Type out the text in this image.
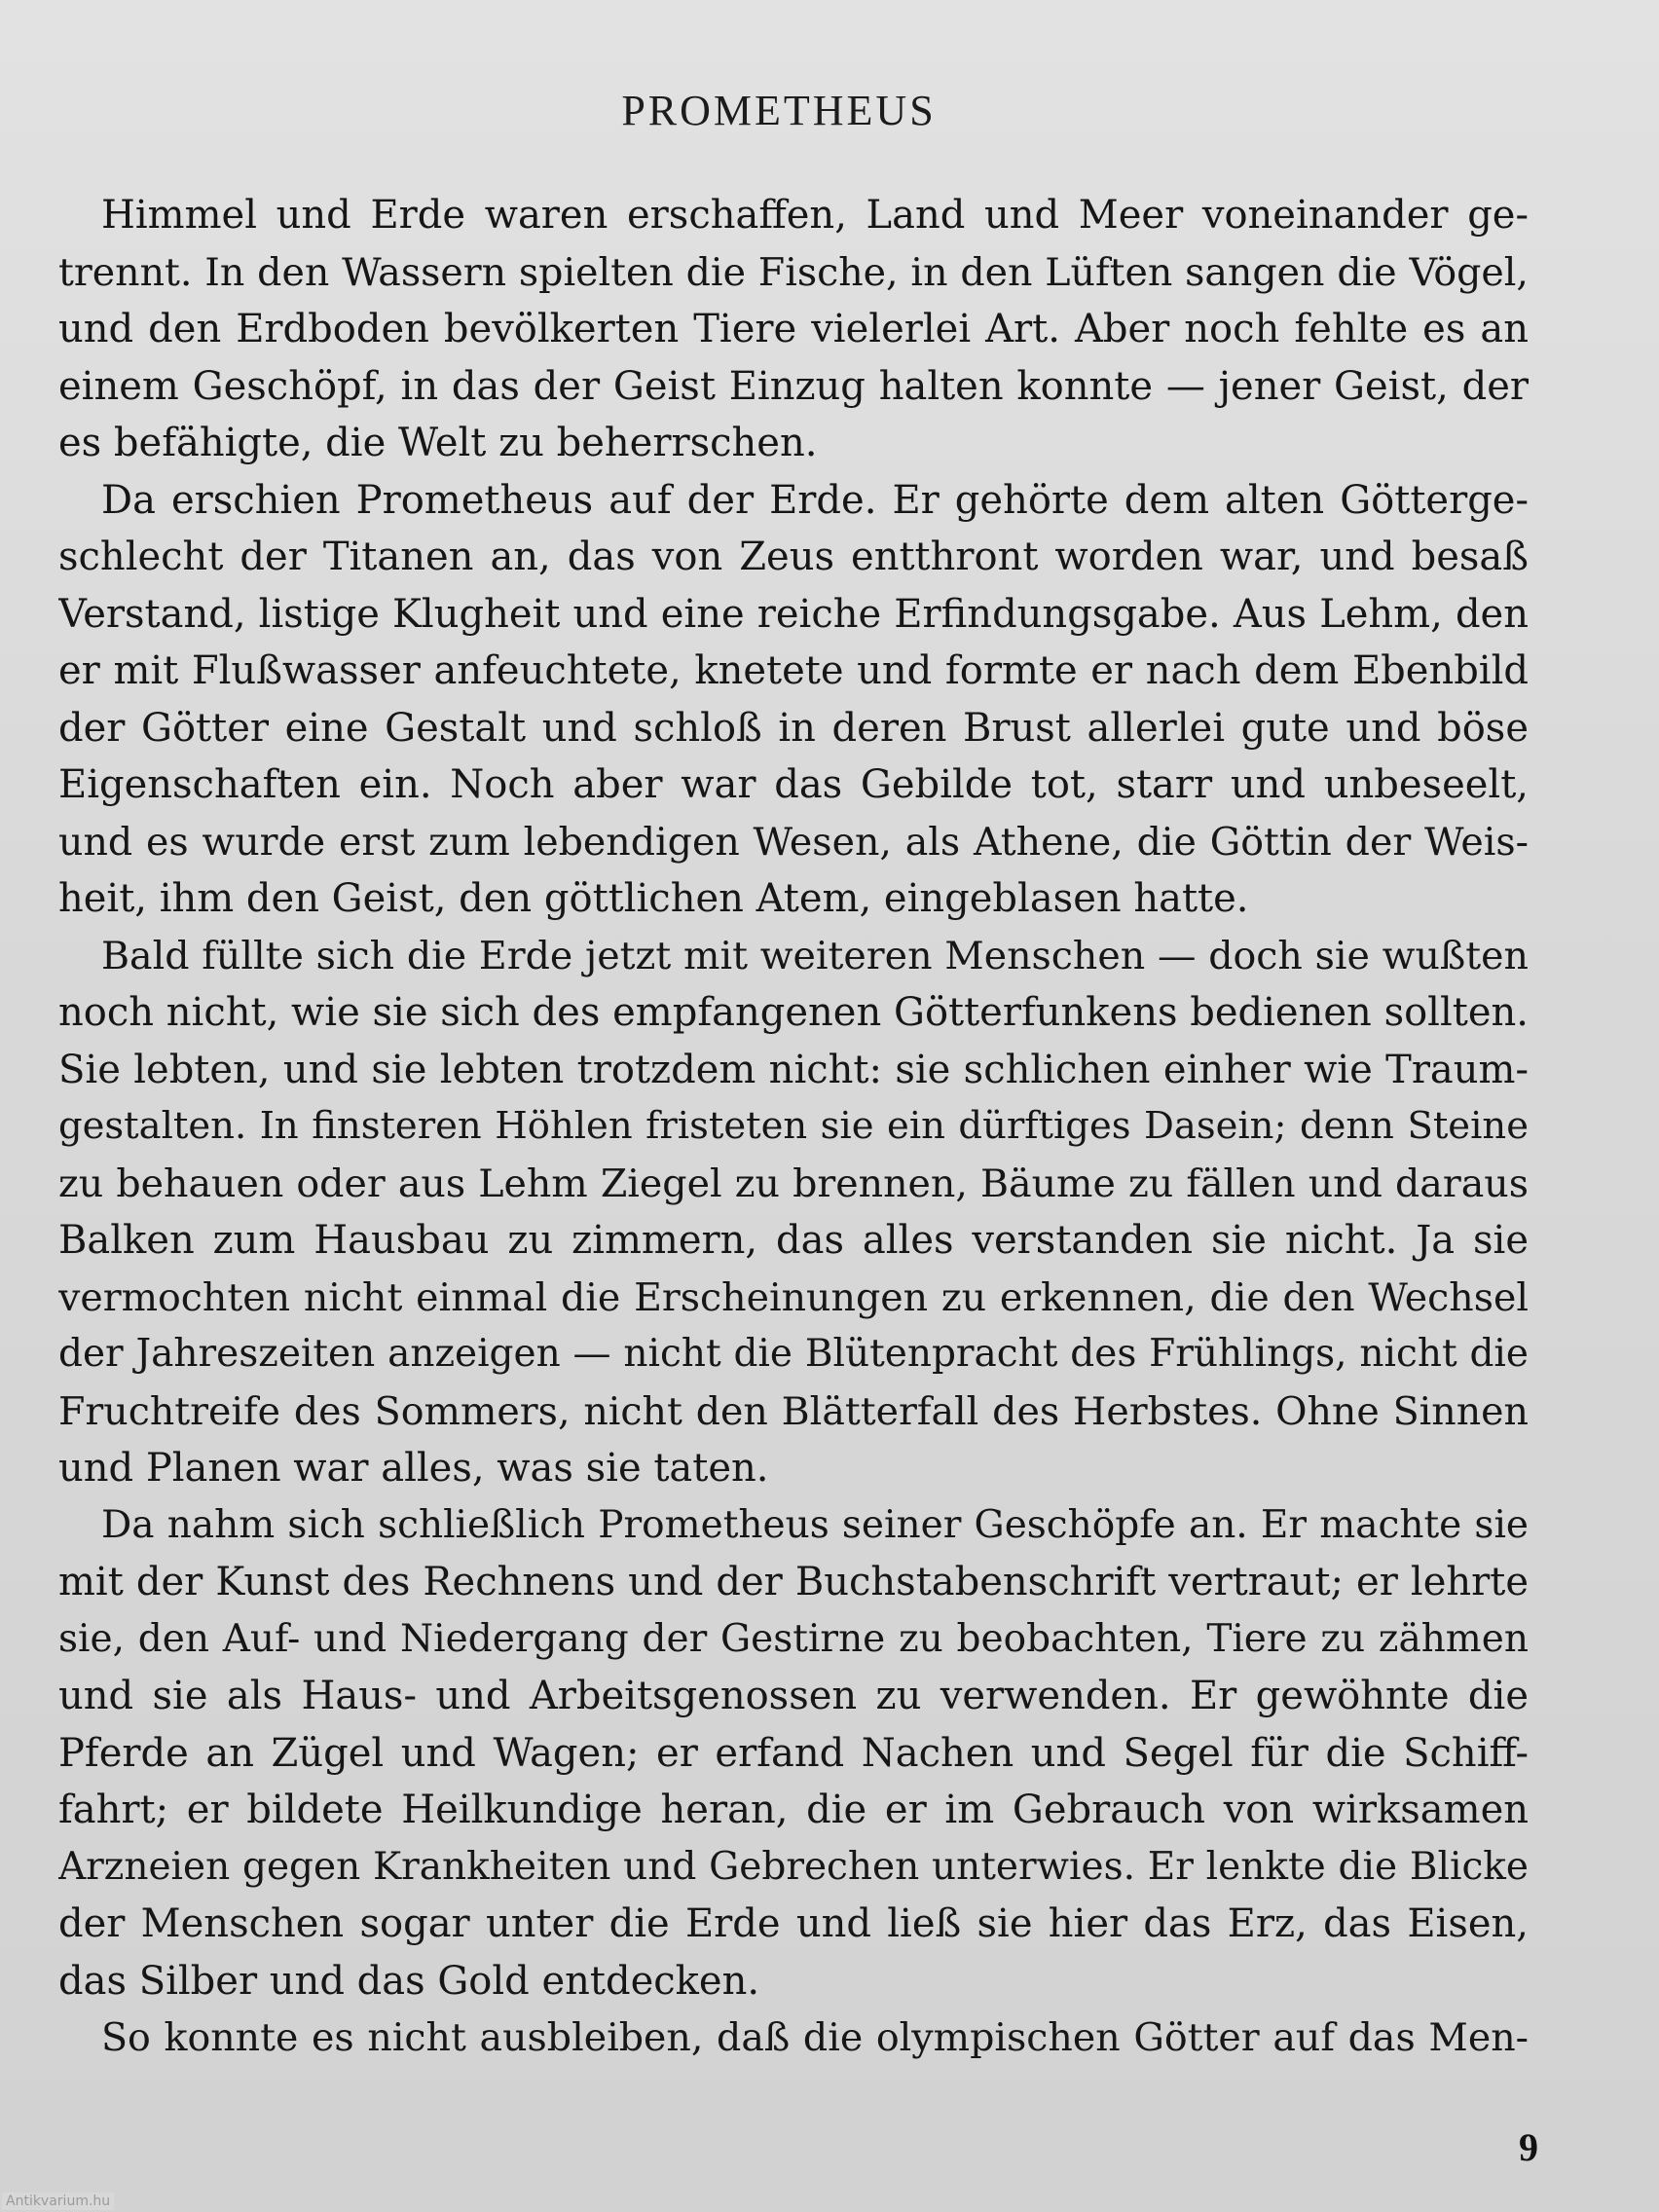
PROMETHEUS
Himmel und Erde waren erschaffen, Land und Meer voneinander ge-
trennt. In den Wassern spielten die Fische, in den Lüften sangen die Vögel,
und den Erdboden bevölkerten Tiere vielerlei Art. Aber noch fehlte es an
einem Geschöpf, in das der Geist Einzug halten konnte — jener Geist, der
es befähigte, die Welt zu beherrschen.
Da erschien Prometheus auf der Erde. Er gehörte dem alten Götterge-
schlecht der Titanen an, das von Zeus entthront worden war, und besaß
Verstand, listige Klugheit und eine reiche Erfindungsgabe. Aus Lehm, den
er mit Flußwasser anfeuchtete, knetete und formte er nach dem Ebenbild
der Götter eine Gestalt und schloß in deren Brust allerlei gute und böse
Eigenschaften ein. Noch aber war das Gebilde tot, starr und unbeseelt,
und es wurde erst zum lebendigen Wesen, als Athene, die Göttin der Weis-
heit, ihm den Geist, den göttlichen Atem, eingeblasen hatte.
Bald füllte sich die Erde jetzt mit weiteren Menschen — doch sie wußten
noch nicht, wie sie sich des empfangenen Götterfunkens bedienen sollten.
Sie lebten, und sie lebten trotzdem nicht: sie schlichen einher wie Traum-
gestalten. In finsteren Höhlen fristeten sie ein dürftiges Dasein; denn Steine
zu behauen oder aus Lehm Ziegel zu brennen, Bäume zu fällen und daraus
Balken zum Hausbau zu zimmern, das alles verstanden sie nicht. Ja sie
vermochten nicht einmal die Erscheinungen zu erkennen, die den Wechsel
der Jahreszeiten anzeigen — nicht die Blütenpracht des Frühlings, nicht die
Fruchtreife des Sommers, nicht den Blätterfall des Herbstes. Ohne Sinnen
und Planen war alles, was sie taten.
Da nahm sich schließlich Prometheus seiner Geschöpfe an. Er machte sie
mit der Kunst des Rechnens und der Buchstabenschrift vertraut; er lehrte
sie, den Auf- und Niedergang der Gestirne zu beobachten, Tiere zu zähmen
und sie als Haus- und Arbeitsgenossen zu verwenden. Er gewöhnte die
Pferde an Zügel und Wagen; er erfand Nachen und Segel für die Schiff-
fahrt; er bildete Heilkundige heran, die er im Gebrauch von wirksamen
Arzneien gegen Krankheiten und Gebrechen unterwies. Er lenkte die Blicke
der Menschen sogar unter die Erde und ließ sie hier das Erz, das Eisen,
das Silber und das Gold entdecken.
So konnte es nicht ausbleiben, daß die olympischen Götter auf das Men-
9
Antikvarium.hu
